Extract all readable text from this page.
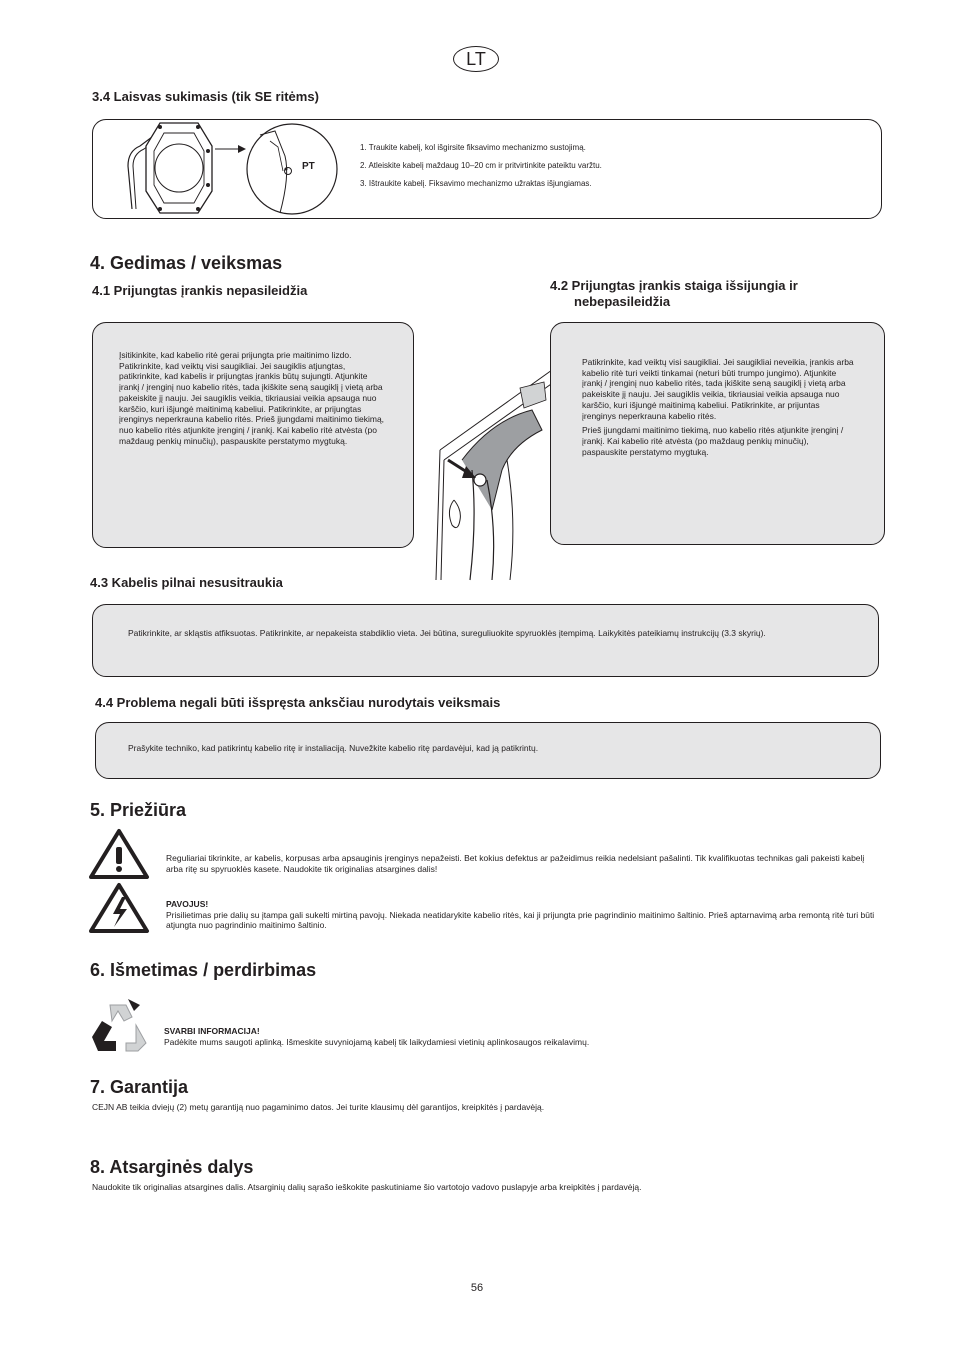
LT
3.4 Laisvas sukimasis (tik SE ritėms)
PT
1. Traukite kabelį, kol išgirsite fiksavimo mechanizmo sustojimą.
2. Atleiskite kabelį maždaug 10–20 cm ir pritvirtinkite pateiktu varžtu.
3. Ištraukite kabelį. Fiksavimo mechanizmo užraktas išjungiamas.
4. Gedimas / veiksmas
4.1 Prijungtas įrankis nepasileidžia	4.2 Prijungtas įrankis staiga išsijungia ir
nebepasileidžia
Įsitikinkite, kad kabelio ritė gerai prijungta prie maitinimo lizdo. Patikrinkite, kad veiktų visi saugikliai. Jei saugiklis atjungtas, patikrinkite, kad kabelis ir prijungtas įrankis būtų sujungti. Atjunkite įrankį / įrenginį nuo kabelio ritės, tada įkiškite seną saugiklį į vietą arba pakeiskite jį nauju. Jei saugiklis veikia, tikriausiai veikia apsauga nuo karščio, kuri išjungė maitinimą kabeliui. Patikrinkite, ar prijungtas įrenginys neperkrauna kabelio ritės. Prieš įjungdami maitinimo tiekimą, nuo kabelio ritės atjunkite įrenginį / įrankį. Kai kabelio ritė atvėsta (po maždaug penkių minučių), paspauskite perstatymo mygtuką.

Patikrinkite, kad veiktų visi saugikliai. Jei saugikliai neveikia, įrankis arba kabelio ritė turi veikti tinkamai (neturi būti trumpo jungimo). Atjunkite įrankį / įrenginį nuo kabelio ritės, tada įkiškite seną saugiklį į vietą arba pakeiskite jį nauju. Jei saugiklis veikia, tikriausiai veikia apsauga nuo karščio, kuri išjungė maitinimą kabeliui. Patikrinkite, ar prijuntas įrenginys neperkrauna kabelio ritės.

Prieš įjungdami maitinimo tiekimą, nuo kabelio ritės atjunkite įrenginį / įrankį. Kai kabelio ritė atvėsta (po maždaug penkių minučių), paspauskite perstatymo mygtuką.

4.3 Kabelis pilnai nesusitraukia
Patikrinkite, ar skląstis atfiksuotas. Patikrinkite, ar nepakeista stabdiklio vieta. Jei būtina, sureguliuokite spyruoklės įtempimą. Laikykitės pateikiamų instrukcijų (3.3 skyrių).
4.4 Problema negali būti išspręsta anksčiau nurodytais veiksmais
Prašykite techniko, kad patikrintų kabelio ritę ir instaliaciją. Nuvežkite kabelio ritę pardavėjui, kad ją patikrintų.
5. Priežiūra
Reguliariai tikrinkite, ar kabelis, korpusas arba apsauginis įrenginys nepažeisti. Bet kokius defektus ar pažeidimus reikia nedelsiant pašalinti. Tik kvalifikuotas technikas gali pakeisti kabelį arba ritę su spyruoklės kasete. Naudokite tik originalias atsargines dalis!
PAVOJUS!
Prisilietimas prie dalių su įtampa gali sukelti mirtiną pavojų. Niekada neatidarykite kabelio ritės, kai ji prijungta prie pagrindinio maitinimo šaltinio. Prieš aptarnavimą arba remontą ritė turi būti atjungta nuo pagrindinio maitinimo šaltinio.
6. Išmetimas / perdirbimas
SVARBI INFORMACIJA!
Padėkite mums saugoti aplinką. Išmeskite suvyniojamą kabelį tik laikydamiesi vietinių aplinkosaugos reikalavimų.
7. Garantija
CEJN AB teikia dviejų (2) metų garantiją nuo pagaminimo datos. Jei turite klausimų dėl garantijos, kreipkitės į pardavėją.
8. Atsarginės dalys
Naudokite tik originalias atsargines dalis. Atsarginių dalių sąrašo ieškokite paskutiniame šio vartotojo vadovo puslapyje arba kreipkitės į pardavėją.
56
